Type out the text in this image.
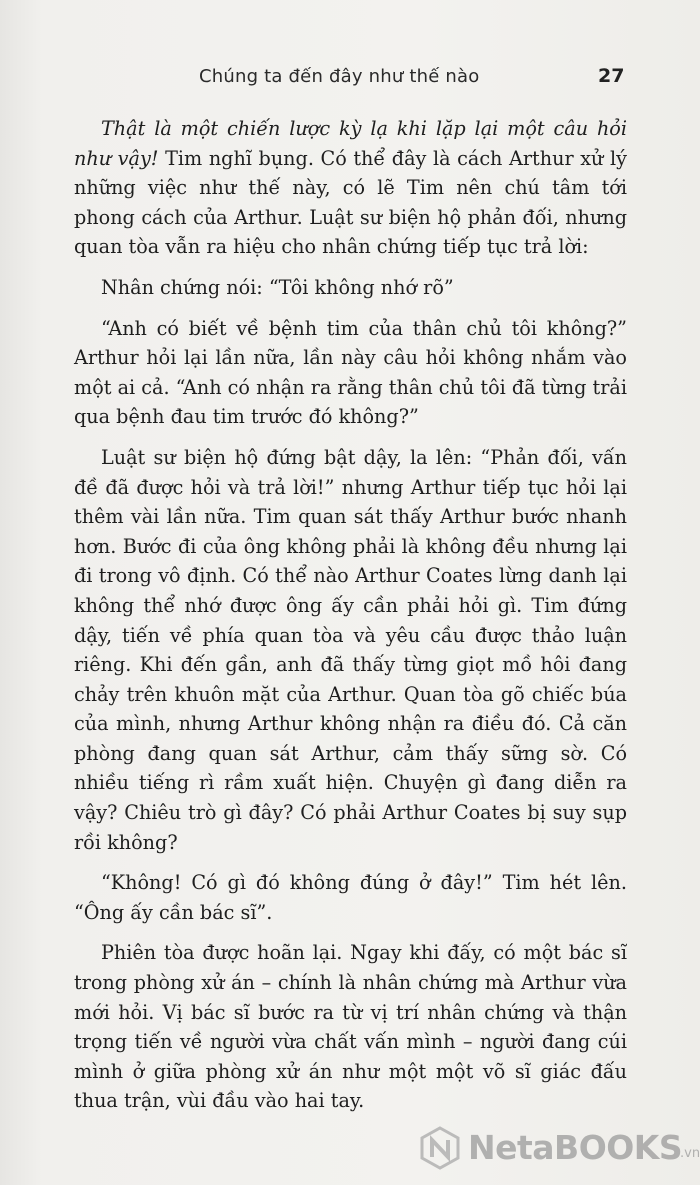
Chúng ta đến đây như thế nào	27

Thật là một chiến lược kỳ lạ khi lặp lại một câu hỏi như vậy! Tim nghĩ bụng. Có thể đây là cách Arthur xử lý những việc như thế này, có lẽ Tim nên chú tâm tới phong cách của Arthur. Luật sư biện hộ phản đối, nhưng quan tòa vẫn ra hiệu cho nhân chứng tiếp tục trả lời:

Nhân chứng nói: “Tôi không nhớ rõ”

“Anh có biết về bệnh tim của thân chủ tôi không?” Arthur hỏi lại lần nữa, lần này câu hỏi không nhắm vào một ai cả. “Anh có nhận ra rằng thân chủ tôi đã từng trải qua bệnh đau tim trước đó không?”

Luật sư biện hộ đứng bật dậy, la lên: “Phản đối, vấn đề đã được hỏi và trả lời!” nhưng Arthur tiếp tục hỏi lại thêm vài lần nữa. Tim quan sát thấy Arthur bước nhanh hơn. Bước đi của ông không phải là không đều nhưng lại đi trong vô định. Có thể nào Arthur Coates lừng danh lại không thể nhớ được ông ấy cần phải hỏi gì. Tim đứng dậy, tiến về phía quan tòa và yêu cầu được thảo luận riêng. Khi đến gần, anh đã thấy từng giọt mồ hôi đang chảy trên khuôn mặt của Arthur. Quan tòa gõ chiếc búa của mình, nhưng Arthur không nhận ra điều đó. Cả căn phòng đang quan sát Arthur, cảm thấy sững sờ. Có nhiều tiếng rì rầm xuất hiện. Chuyện gì đang diễn ra vậy? Chiêu trò gì đây? Có phải Arthur Coates bị suy sụp rồi không?

“Không! Có gì đó không đúng ở đây!” Tim hét lên. “Ông ấy cần bác sĩ”.

Phiên tòa được hoãn lại. Ngay khi đấy, có một bác sĩ trong phòng xử án – chính là nhân chứng mà Arthur vừa mới hỏi. Vị bác sĩ bước ra từ vị trí nhân chứng và thận trọng tiến về người vừa chất vấn mình – người đang cúi mình ở giữa phòng xử án như một một võ sĩ giác đấu thua trận, vùi đầu vào hai tay.

NetaBOOKS
.vn
